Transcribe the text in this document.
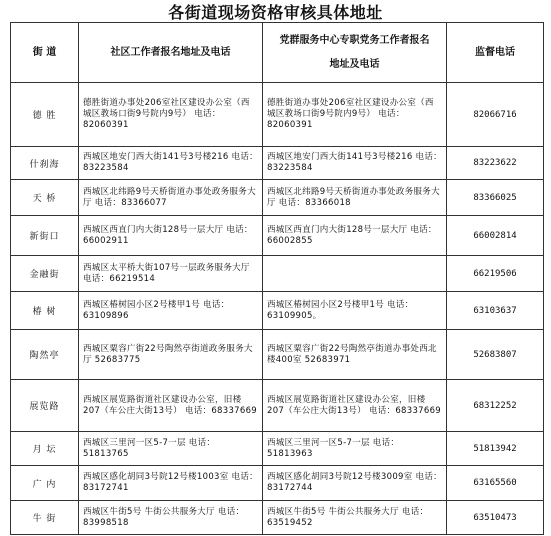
各街道现场资格审核具体地址
街 道	社区工作者报名地址及电话	党群服务中心专职党务工作者报名
地址及电话	监督电话
德 胜	德胜街道办事处206室社区建设办公室（西城区教场口街9号院内9号） 电话：82060391	德胜街道办事处206室社区建设办公室（西城区教场口街9号院内9号） 电话：82060391	82066716
什刹海	西城区地安门西大街141号3号楼216 电话：83223584	西城区地安门西大街141号3号楼216 电话：83223584	83223622
天 桥	西城区北纬路9号天桥街道办事处政务服务大厅 电话：83366077	西城区北纬路9号天桥街道办事处政务服务大厅 电话：83366018	83366025
新街口	西城区西直门内大街128号一层大厅 电话：66002911	西城区西直门内大街128号一层大厅 电话：66002855	66002814
金融街	西城区太平桥大街107号一层政务服务大厅 电话：66219514		66219506
椿 树	西城区椿树园小区2号楼甲1号 电话：63109896	西城区椿树园小区2号楼甲1号 电话：63109905。	63103637
陶然亭	西城区粟容广街22号陶然亭街道政务服务大厅 52683775	西城区粟容广街22号陶然亭街道办事处西北楼400室 52683971	52683807
展览路	西城区展览路街道社区建设办公室，旧楼207（车公庄大街13号） 电话：68337669	西城区展览路街道社区建设办公室，旧楼207（车公庄大街13号） 电话：68337669	68312252
月 坛	西城区三里河一区5-7一层 电话：51813765	西城区三里河一区5-7一层 电话：51813963	51813942
广 内	西城区感化胡同3号院12号楼1003室 电话：83172741	西城区感化胡同3号院12号楼3009室 电话：83172744	63165560
牛 街	西城区牛街5号 牛街公共服务大厅 电话：83998518	西城区牛街5号 牛街公共服务大厅 电话：63519452	63510473
